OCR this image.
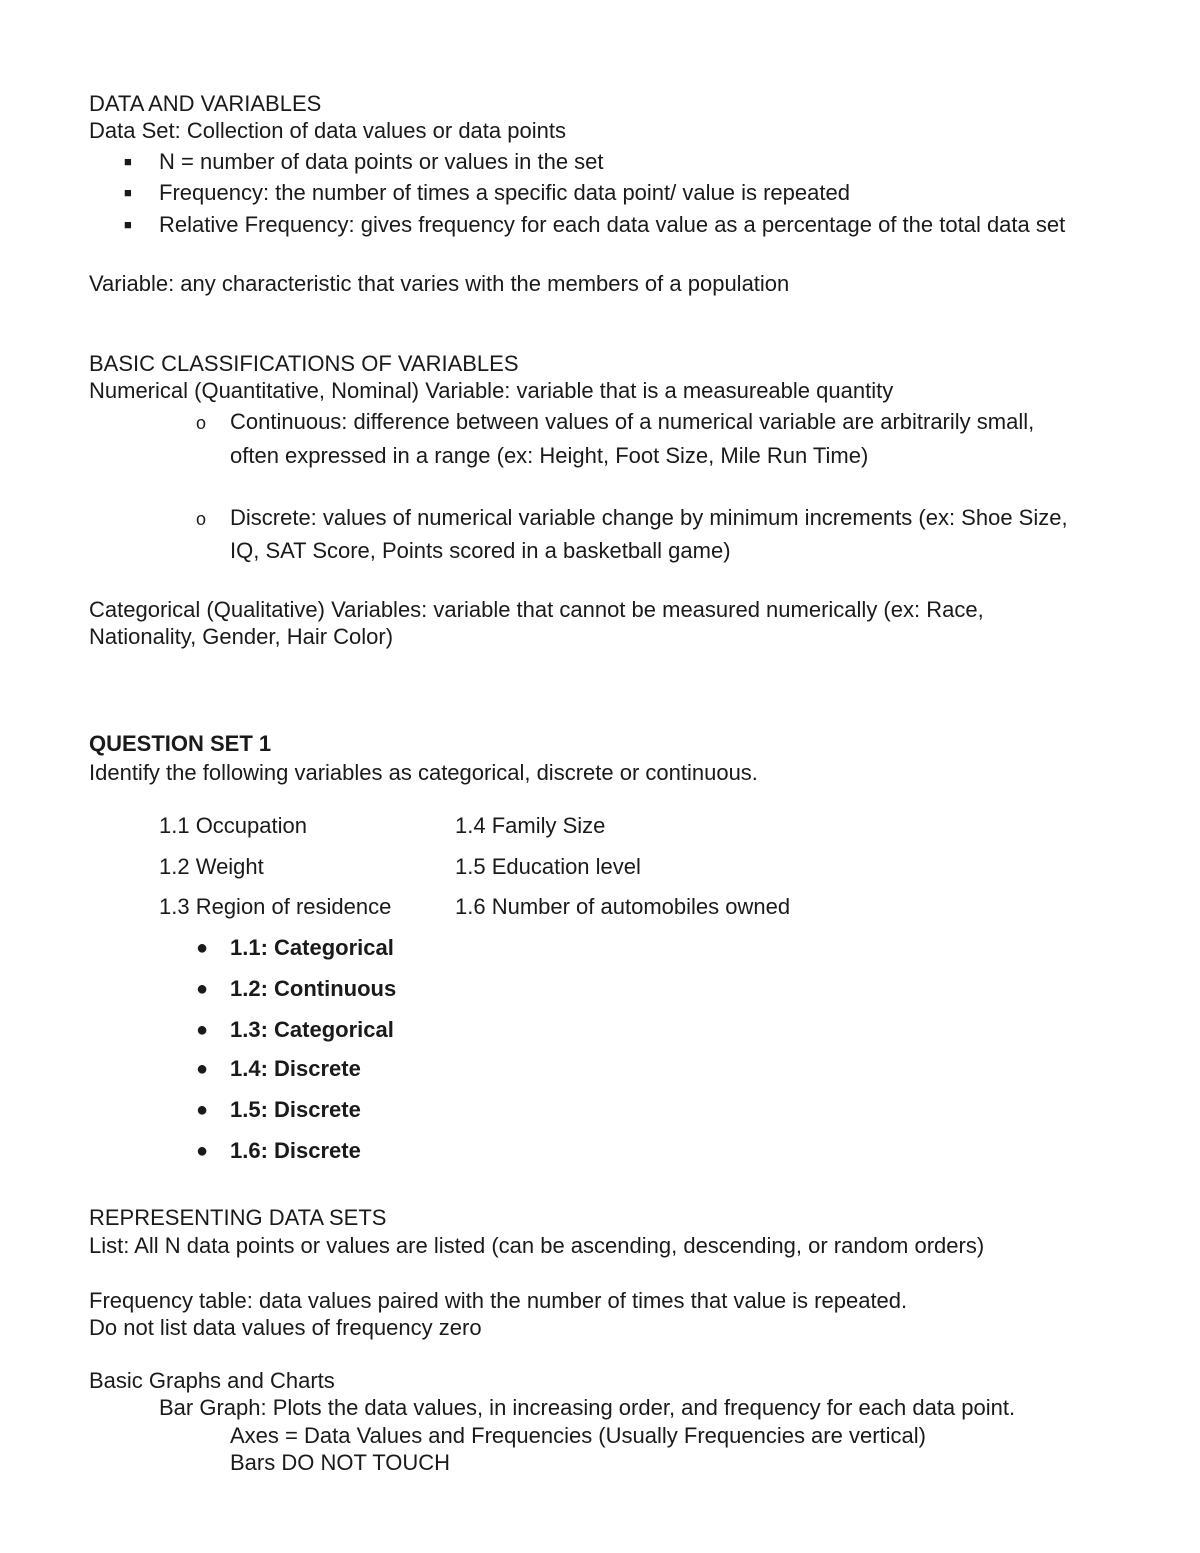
DATA AND VARIABLES
Data Set: Collection of data values or data points
■ N = number of data points or values in the set
■ Frequency: the number of times a specific data point/ value is repeated
■ Relative Frequency: gives frequency for each data value as a percentage of the total data set
Variable: any characteristic that varies with the members of a population
BASIC CLASSIFICATIONS OF VARIABLES
Numerical (Quantitative, Nominal) Variable: variable that is a measureable quantity
o Continuous: difference between values of a numerical variable are arbitrarily small,
often expressed in a range (ex: Height, Foot Size, Mile Run Time)
o Discrete: values of numerical variable change by minimum increments (ex: Shoe Size,
IQ, SAT Score, Points scored in a basketball game)
Categorical (Qualitative) Variables: variable that cannot be measured numerically (ex: Race,
Nationality, Gender, Hair Color)
QUESTION SET 1
Identify the following variables as categorical, discrete or continuous.
1.1 Occupation	1.4 Family Size
1.2 Weight	1.5 Education level
1.3 Region of residence	1.6 Number of automobiles owned
● 1.1: Categorical
● 1.2: Continuous
● 1.3: Categorical
● 1.4: Discrete
● 1.5: Discrete
● 1.6: Discrete
REPRESENTING DATA SETS
List: All N data points or values are listed (can be ascending, descending, or random orders)
Frequency table: data values paired with the number of times that value is repeated.
Do not list data values of frequency zero
Basic Graphs and Charts
Bar Graph: Plots the data values, in increasing order, and frequency for each data point.
Axes = Data Values and Frequencies (Usually Frequencies are vertical)
Bars DO NOT TOUCH
